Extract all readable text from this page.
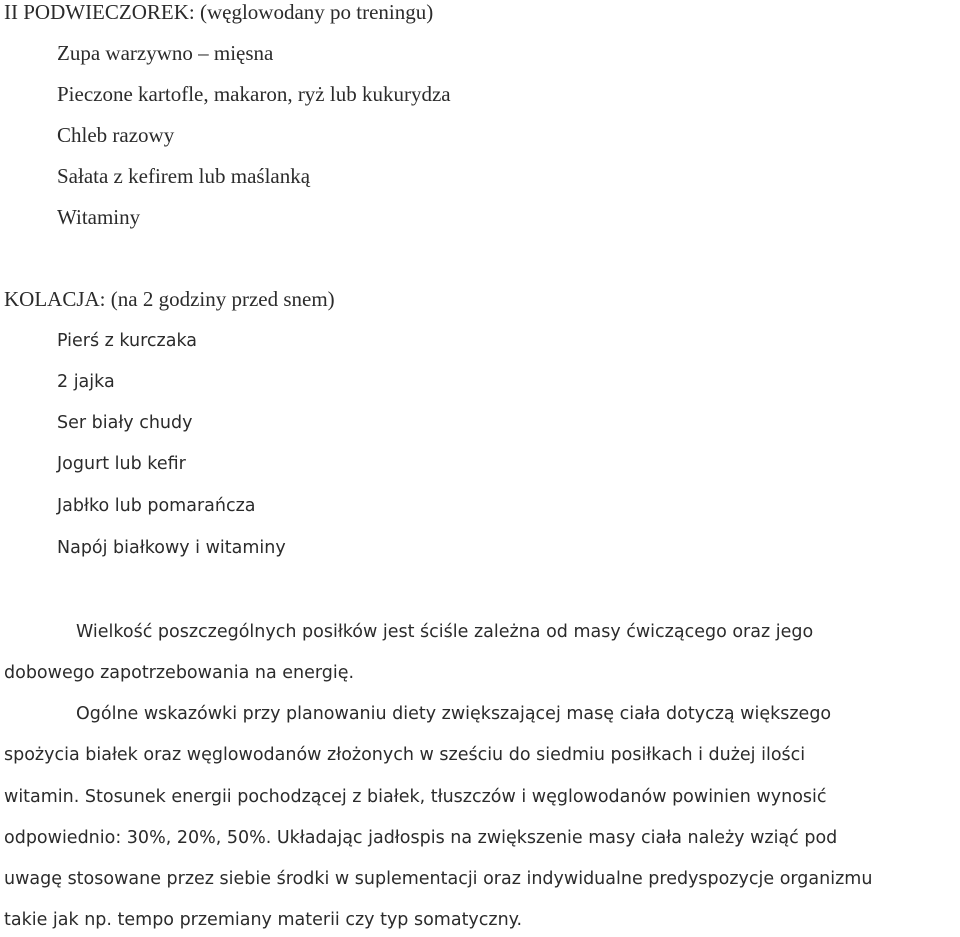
II PODWIECZOREK: (węglowodany po treningu)
Zupa warzywno – mięsna
Pieczone kartofle, makaron, ryż lub kukurydza
Chleb razowy
Sałata z kefirem lub maślanką
Witaminy
KOLACJA: (na 2 godziny przed snem)
Pierś z kurczaka
2 jajka
Ser biały chudy
Jogurt lub kefir
Jabłko lub pomarańcza
Napój białkowy i witaminy
Wielkość poszczególnych posiłków jest ściśle zależna od masy ćwiczącego oraz jego
dobowego zapotrzebowania na energię.
Ogólne wskazówki przy planowaniu diety zwiększającej masę ciała dotyczą większego
spożycia białek oraz węglowodanów złożonych w sześciu do siedmiu posiłkach i dużej ilości
witamin. Stosunek energii pochodzącej z białek, tłuszczów i węglowodanów powinien wynosić
odpowiednio: 30%, 20%, 50%. Układając jadłospis na zwiększenie masy ciała należy wziąć pod
uwagę stosowane przez siebie środki w suplementacji oraz indywidualne predyspozycje organizmu
takie jak np. tempo przemiany materii czy typ somatyczny.
